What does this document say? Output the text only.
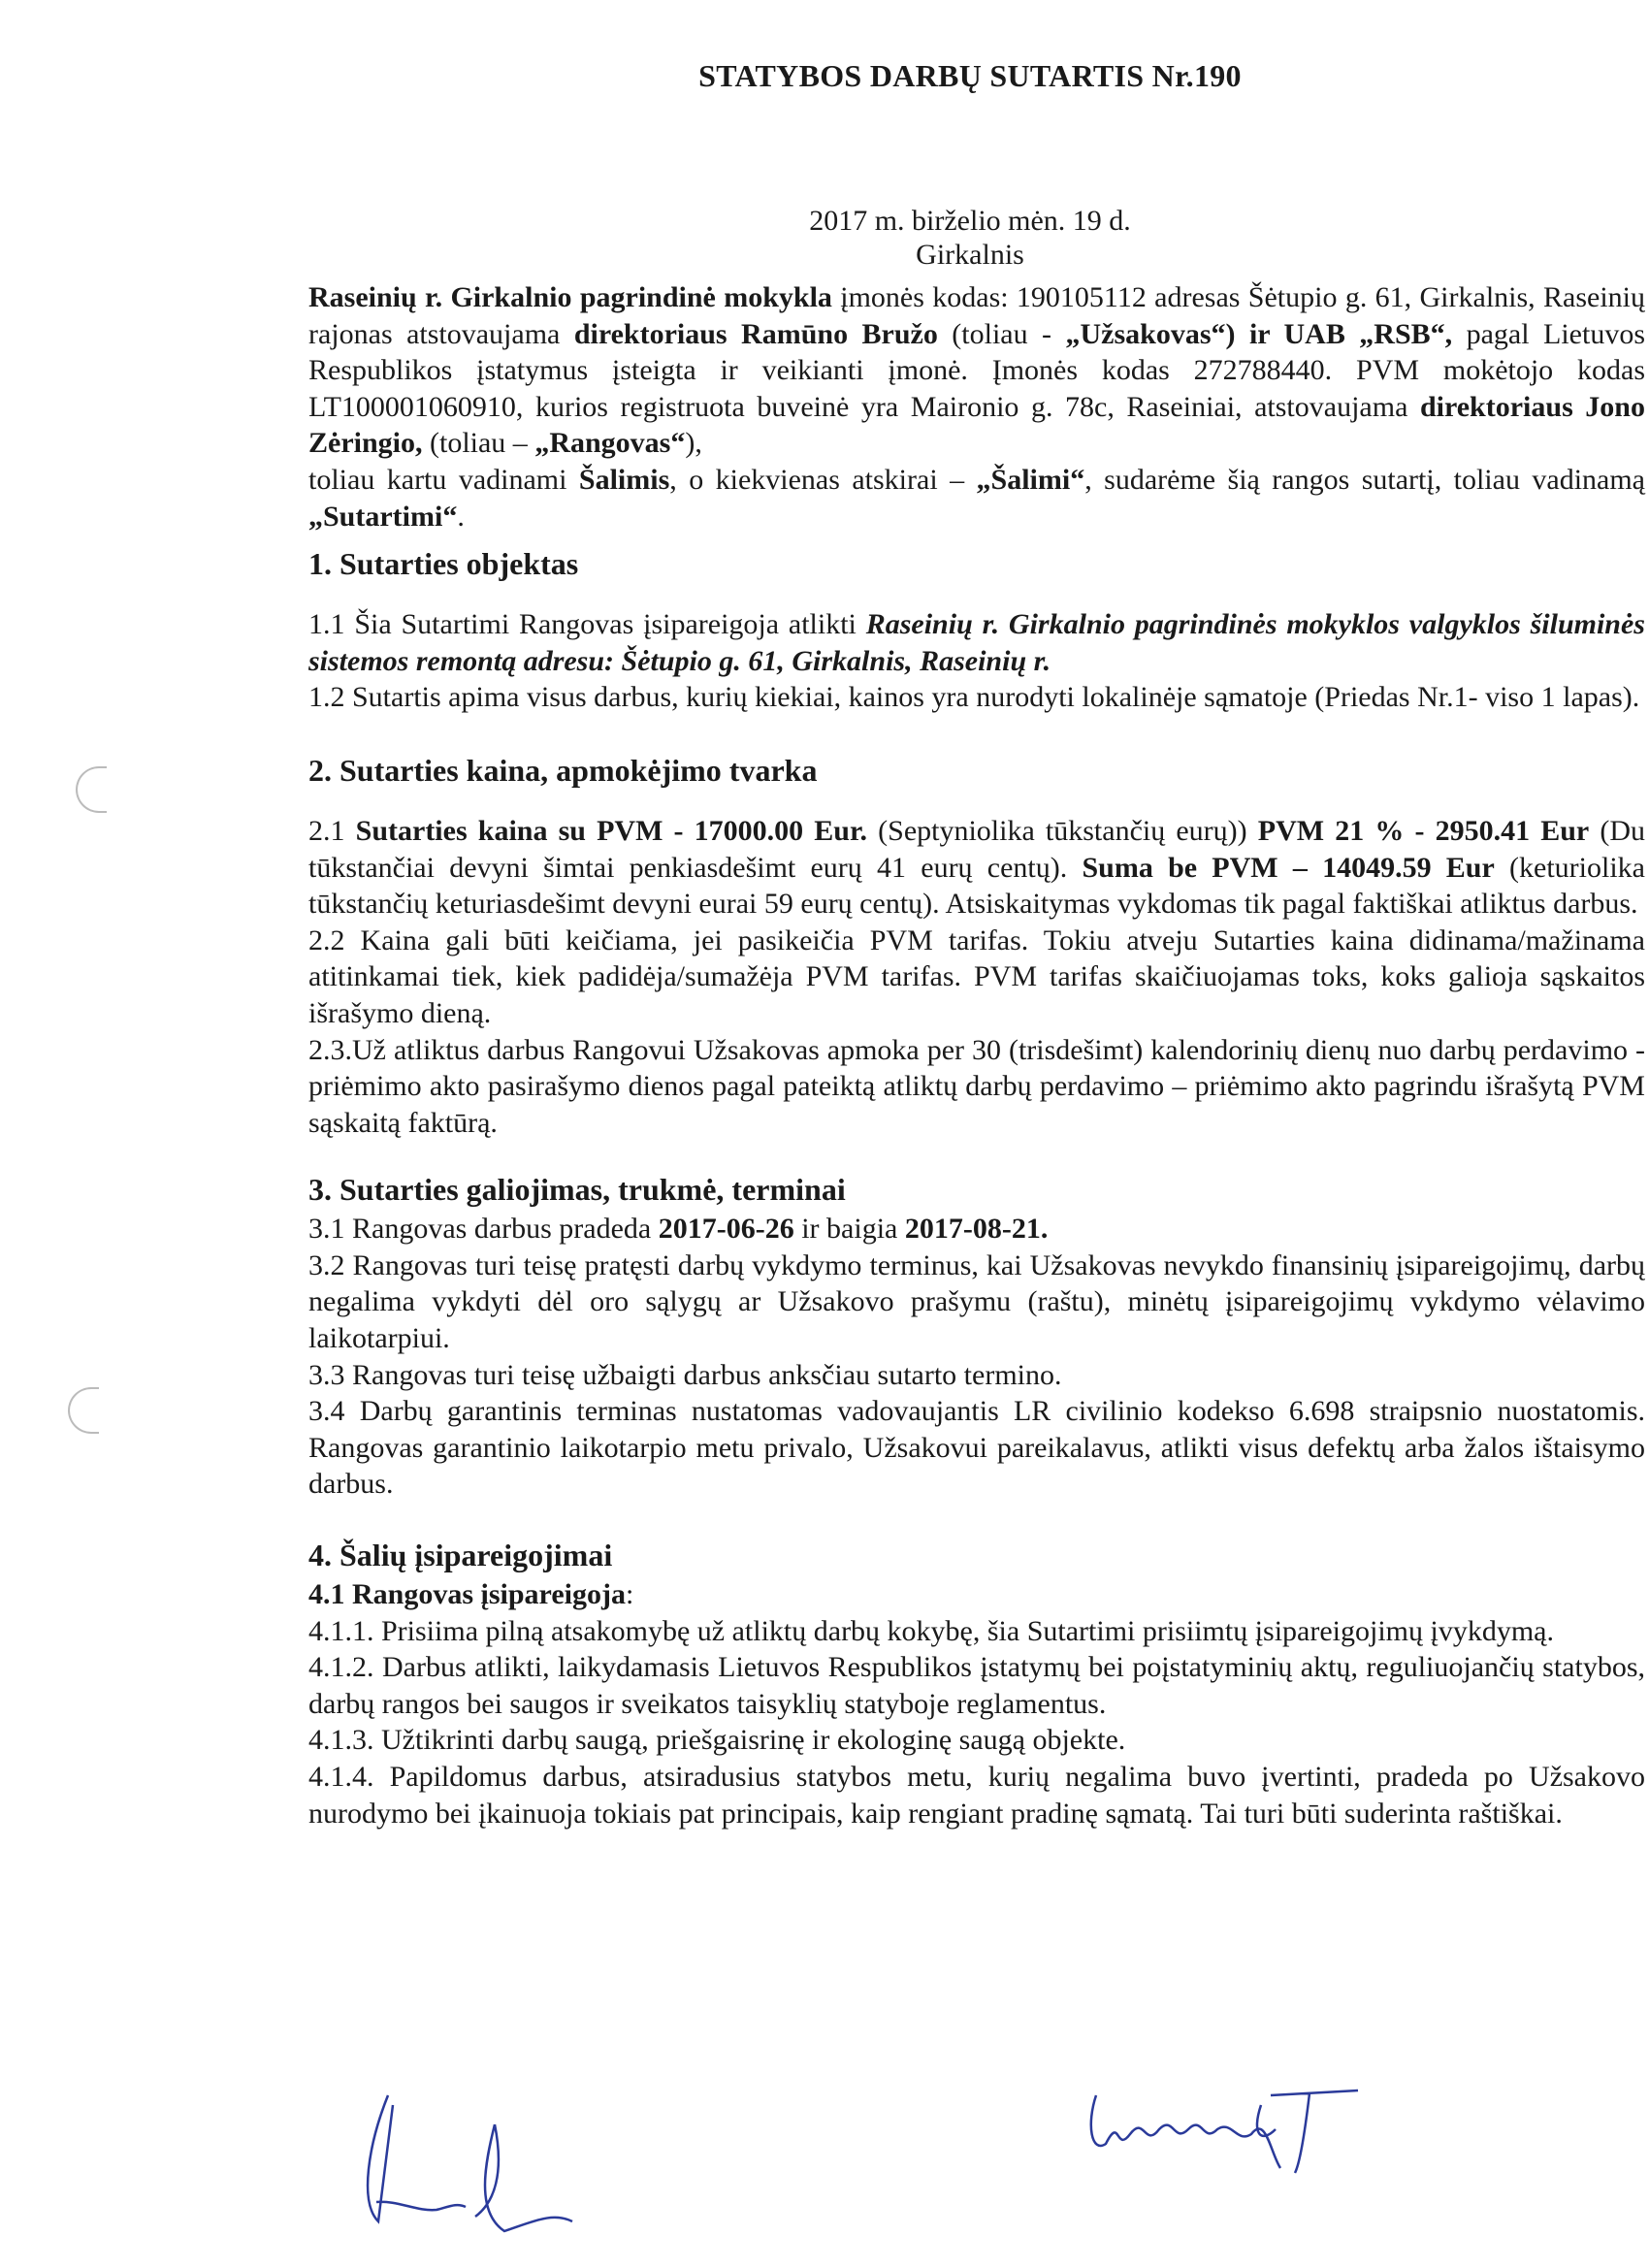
STATYBOS DARBŲ SUTARTIS Nr.190
2017 m. birželio mėn. 19 d.
Girkalnis

Raseinių r. Girkalnio pagrindinė mokykla įmonės kodas: 190105112 adresas Šėtupio g. 61, Girkalnis, Raseinių rajonas atstovaujama direktoriaus Ramūno Bružo (toliau - „Užsakovas“) ir UAB „RSB“, pagal Lietuvos Respublikos įstatymus įsteigta ir veikianti įmonė. Įmonės kodas 272788440. PVM mokėtojo kodas LT100001060910, kurios registruota buveinė yra Maironio g. 78c, Raseiniai, atstovaujama direktoriaus Jono Zėringio, (toliau – „Rangovas“),

toliau kartu vadinami Šalimis, o kiekvienas atskirai – „Šalimi“, sudarėme šią rangos sutartį, toliau vadinamą „Sutartimi“.

1. Sutarties objektas

1.1 Šia Sutartimi Rangovas įsipareigoja atlikti Raseinių r. Girkalnio pagrindinės mokyklos valgyklos šiluminės sistemos remontą adresu: Šėtupio g. 61, Girkalnis, Raseinių r.

1.2 Sutartis apima visus darbus, kurių kiekiai, kainos yra nurodyti lokalinėje sąmatoje (Priedas Nr.1- viso 1 lapas).

2. Sutarties kaina, apmokėjimo tvarka

2.1 Sutarties kaina su PVM - 17000.00 Eur. (Septyniolika tūkstančių eurų)) PVM 21 % - 2950.41 Eur (Du tūkstančiai devyni šimtai penkiasdešimt eurų 41 eurų centų). Suma be PVM – 14049.59 Eur (keturiolika tūkstančių keturiasdešimt devyni eurai 59 eurų centų). Atsiskaitymas vykdomas tik pagal faktiškai atliktus darbus.

2.2 Kaina gali būti keičiama, jei pasikeičia PVM tarifas. Tokiu atveju Sutarties kaina didinama/mažinama atitinkamai tiek, kiek padidėja/sumažėja PVM tarifas. PVM tarifas skaičiuojamas toks, koks galioja sąskaitos išrašymo dieną.

2.3.Už atliktus darbus Rangovui Užsakovas apmoka per 30 (trisdešimt) kalendorinių dienų nuo darbų perdavimo - priėmimo akto pasirašymo dienos pagal pateiktą atliktų darbų perdavimo – priėmimo akto pagrindu išrašytą PVM sąskaitą faktūrą.

3. Sutarties galiojimas, trukmė, terminai

3.1 Rangovas darbus pradeda 2017-06-26 ir baigia 2017-08-21.

3.2 Rangovas turi teisę pratęsti darbų vykdymo terminus, kai Užsakovas nevykdo finansinių įsipareigojimų, darbų negalima vykdyti dėl oro sąlygų ar Užsakovo prašymu (raštu), minėtų įsipareigojimų vykdymo vėlavimo laikotarpiui.

3.3 Rangovas turi teisę užbaigti darbus anksčiau sutarto termino.

3.4 Darbų garantinis terminas nustatomas vadovaujantis LR civilinio kodekso 6.698 straipsnio nuostatomis. Rangovas garantinio laikotarpio metu privalo, Užsakovui pareikalavus, atlikti visus defektų arba žalos ištaisymo darbus.

4. Šalių įsipareigojimai

4.1 Rangovas įsipareigoja:

4.1.1. Prisiima pilną atsakomybę už atliktų darbų kokybę, šia Sutartimi prisiimtų įsipareigojimų įvykdymą.

4.1.2. Darbus atlikti, laikydamasis Lietuvos Respublikos įstatymų bei poįstatyminių aktų, reguliuojančių statybos, darbų rangos bei saugos ir sveikatos taisyklių statyboje reglamentus.

4.1.3. Užtikrinti darbų saugą, priešgaisrinę ir ekologinę saugą objekte.

4.1.4. Papildomus darbus, atsiradusius statybos metu, kurių negalima buvo įvertinti, pradeda po Užsakovo nurodymo bei įkainuoja tokiais pat principais, kaip rengiant pradinę sąmatą. Tai turi būti suderinta raštiškai.
